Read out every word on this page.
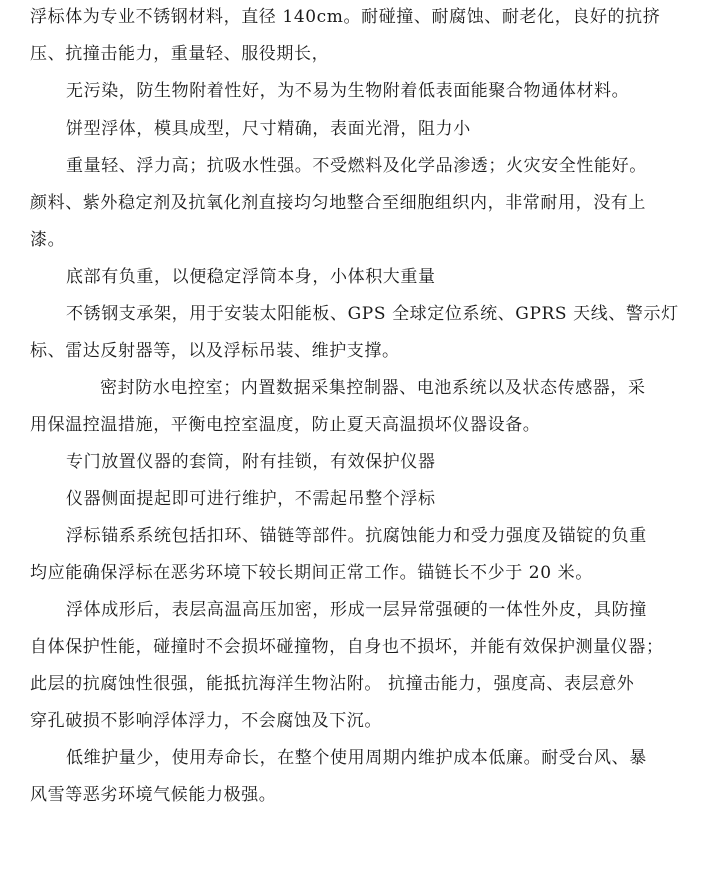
浮标体为专业不锈钢材料，直径 140cm。耐碰撞、耐腐蚀、耐老化，良好的抗挤
压、抗撞击能力，重量轻、服役期长，
无污染，防生物附着性好，为不易为生物附着低表面能聚合物通体材料。
饼型浮体，模具成型，尺寸精确，表面光滑，阻力小
重量轻、浮力高；抗吸水性强。不受燃料及化学品渗透；火灾安全性能好。
颜料、紫外稳定剂及抗氧化剂直接均匀地整合至细胞组织内，非常耐用，没有上
漆。
底部有负重，以便稳定浮筒本身，小体积大重量
不锈钢支承架，用于安装太阳能板、GPS 全球定位系统、GPRS 天线、警示灯
标、雷达反射器等，以及浮标吊装、维护支撑。
密封防水电控室；内置数据采集控制器、电池系统以及状态传感器，采
用保温控温措施，平衡电控室温度，防止夏天高温损坏仪器设备。
专门放置仪器的套筒，附有挂锁，有效保护仪器
仪器侧面提起即可进行维护，不需起吊整个浮标
浮标锚系系统包括扣环、锚链等部件。抗腐蚀能力和受力强度及锚锭的负重
均应能确保浮标在恶劣环境下较长期间正常工作。锚链长不少于 20 米。
浮体成形后，表层高温高压加密，形成一层异常强硬的一体性外皮，具防撞
自体保护性能，碰撞时不会损坏碰撞物，自身也不损坏，并能有效保护测量仪器；
此层的抗腐蚀性很强，能抵抗海洋生物沾附。 抗撞击能力，强度高、表层意外
穿孔破损不影响浮体浮力，不会腐蚀及下沉。
低维护量少，使用寿命长，在整个使用周期内维护成本低廉。耐受台风、暴
风雪等恶劣环境气候能力极强。
